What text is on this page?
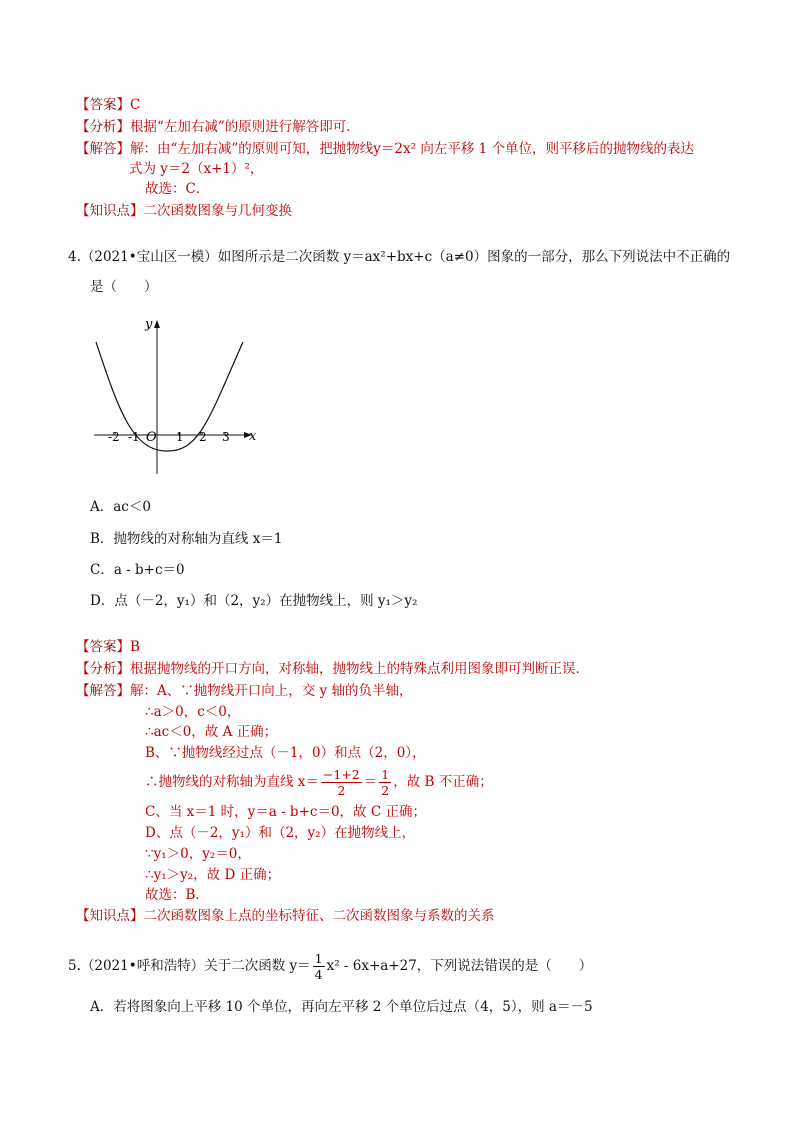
【答案】C
【分析】根据“左加右减”的原则进行解答即可．
【解答】解：由“左加右减”的原则可知，把抛物线y＝2x² 向左平移 1 个单位，则平移后的抛物线的表达
式为 y＝2（x+1）²，
故选：C．
【知识点】二次函数图象与几何变换
4.（2021•宝山区一模）如图所示是二次函数 y＝ax²+bx+c（a≠0）图象的一部分，那么下列说法中不正确的
是（　　）
y
x
O
-2 -1	1 2 3
A．ac＜0
B．抛物线的对称轴为直线 x＝1
C．a - b+c＝0
D．点（－2，y₁）和（2，y₂）在抛物线上，则 y₁＞y₂
【答案】B
【分析】根据抛物线的开口方向，对称轴，抛物线上的特殊点利用图象即可判断正误．
【解答】解：A、∵抛物线开口向上，交 y 轴的负半轴，
∴a＞0，c＜0，
∴ac＜0，故 A 正确；
B、∵抛物线经过点（－1，0）和点（2，0），
∴抛物线的对称轴为直线 $x= \frac{-1+2}{2} = \frac{1}{2}$ ，故 B 不正确；
C、当 x＝1 时，y＝a - b+c＝0，故 C 正确；
D、点（－2，y₁）和（2，y₂）在抛物线上，
∵y₁＞0，y₂＝0，
∴y₁＞y₂，故 D 正确；
故选：B．
【知识点】二次函数图象上点的坐标特征、二次函数图象与系数的关系
5.（2021•呼和浩特）关于二次函数 $y= \frac{1}{4} x^2 - 6x+a+27$，下列说法错误的是（　　）
A．若将图象向上平移 10 个单位，再向左平移 2 个单位后过点（4，5），则 a＝－5
